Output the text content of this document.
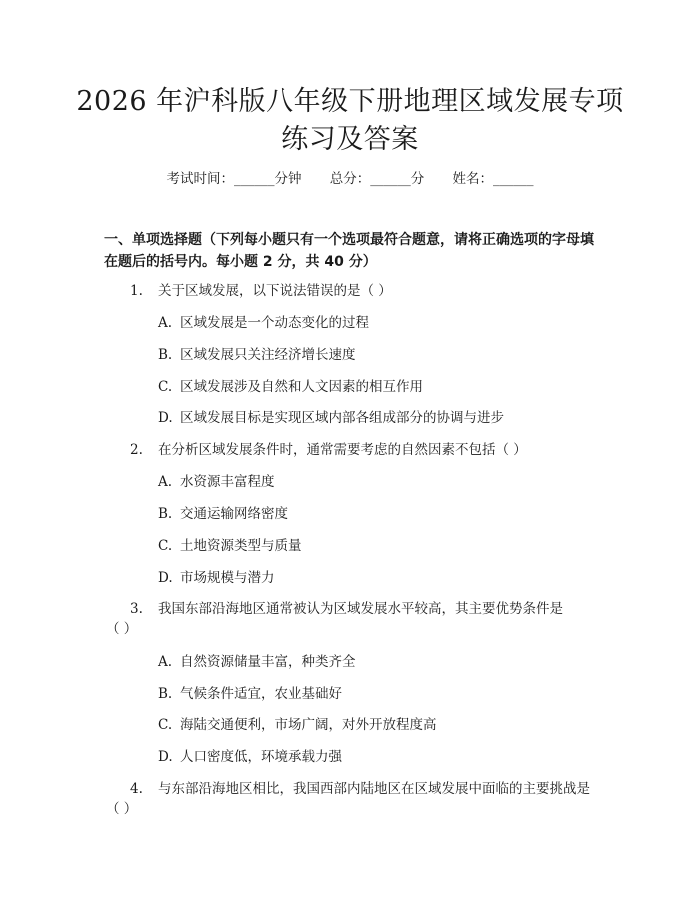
2026 年沪科版八年级下册地理区域发展专项
练习及答案
考试时间：______分钟 总分：______分 姓名：______
一、单项选择题（下列每小题只有一个选项最符合题意，请将正确选项的字母填
在题后的括号内。每小题 2 分，共 40 分）
1. 关于区域发展，以下说法错误的是（ ）
A. 区域发展是一个动态变化的过程
B. 区域发展只关注经济增长速度
C. 区域发展涉及自然和人文因素的相互作用
D. 区域发展目标是实现区域内部各组成部分的协调与进步
2. 在分析区域发展条件时，通常需要考虑的自然因素不包括（ ）
A. 水资源丰富程度
B. 交通运输网络密度
C. 土地资源类型与质量
D. 市场规模与潜力
3. 我国东部沿海地区通常被认为区域发展水平较高，其主要优势条件是
（ ）
A. 自然资源储量丰富，种类齐全
B. 气候条件适宜，农业基础好
C. 海陆交通便利，市场广阔，对外开放程度高
D. 人口密度低，环境承载力强
4. 与东部沿海地区相比，我国西部内陆地区在区域发展中面临的主要挑战是
（ ）
